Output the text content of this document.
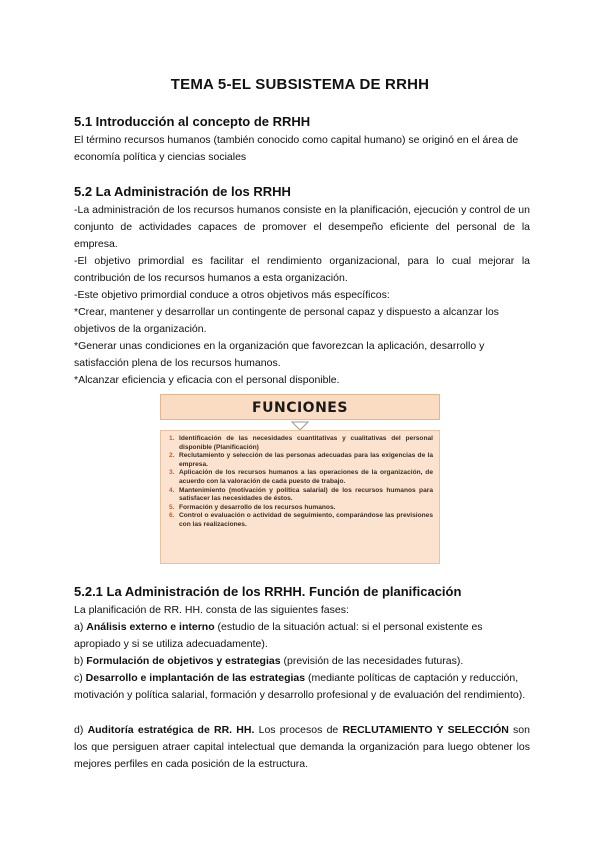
TEMA 5-EL SUBSISTEMA DE RRHH
5.1 Introducción al concepto de RRHH

El término recursos humanos (también conocido como capital humano) se originó en el área de economía política y ciencias sociales

5.2 La Administración de los RRHH

-La administración de los recursos humanos consiste en la planificación, ejecución y control de un conjunto de actividades capaces de promover el desempeño eficiente del personal de la empresa.

-El objetivo primordial es facilitar el rendimiento organizacional, para lo cual mejorar la contribución de los recursos humanos a esta organización.

-Este objetivo primordial conduce a otros objetivos más específicos:

*Crear, mantener y desarrollar un contingente de personal capaz y dispuesto a alcanzar los objetivos de la organización.

*Generar unas condiciones en la organización que favorezcan la aplicación, desarrollo y satisfacción plena de los recursos humanos.

*Alcanzar eficiencia y eficacia con el personal disponible.

FUNCIONES
1. Identificación de las necesidades cuantitativas y cualitativas del personal disponible (Planificación)
2. Reclutamiento y selección de las personas adecuadas para las exigencias de la empresa.
3. Aplicación de los recursos humanos a las operaciones de la organización, de acuerdo con la valoración de cada puesto de trabajo.
4. Mantenimiento (motivación y política salarial) de los recursos humanos para satisfacer las necesidades de éstos.
5. Formación y desarrollo de los recursos humanos.
6. Control o evaluación o actividad de seguimiento, comparándose las previsiones con las realizaciones.
5.2.1 La Administración de los RRHH. Función de planificación

La planificación de RR. HH. consta de las siguientes fases:

a) Análisis externo e interno (estudio de la situación actual: si el personal existente es apropiado y si se utiliza adecuadamente).

b) Formulación de objetivos y estrategias (previsión de las necesidades futuras).

c) Desarrollo e implantación de las estrategias (mediante políticas de captación y reducción, motivación y política salarial, formación y desarrollo profesional y de evaluación del rendimiento).

d) Auditoría estratégica de RR. HH. Los procesos de RECLUTAMIENTO Y SELECCIÓN son los que persiguen atraer capital intelectual que demanda la organización para luego obtener los mejores perfiles en cada posición de la estructura.
